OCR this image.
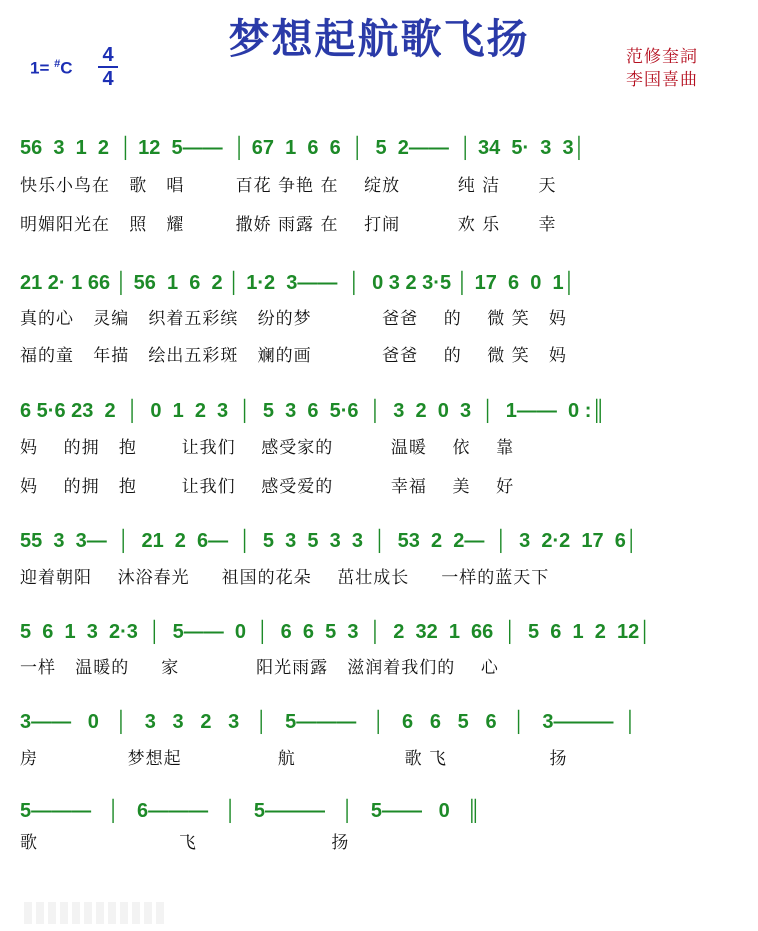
梦想起航歌飞扬
1= #C
4
4
范修奎詞
李国喜曲
56  3  1  2  │ 12  5——  │ 67  1  6  6  │  5  2——  │ 34  5·  3  3│
快乐小鸟在   歌   唱        百花 争艳 在    绽放         纯 洁      天
明媚阳光在   照   耀        撒娇 雨露 在    打闹         欢 乐      幸
21 2· 1 66 │ 56  1  6  2 │ 1·2  3——  │  0 3 2 3·5 │ 17  6  0  1│
真的心   灵编   织着五彩缤   纷的梦           爸爸    的    微 笑   妈
福的童   年描   绘出五彩斑   斓的画           爸爸    的    微 笑   妈
6 5·6 23  2  │  0  1  2  3  │  5  3  6  5·6  │  3  2  0  3  │  1——  0 :║
妈    的拥   抱       让我们    感受家的         温暖    依    靠
妈    的拥   抱       让我们    感受爱的         幸福    美    好
55  3  3—  │  21  2  6—  │  5  3  5  3  3  │  53  2  2—  │  3  2·2  17  6│
迎着朝阳    沐浴春光     祖国的花朵    茁壮成长     一样的蓝天下
5  6  1  3  2·3  │  5——  0  │  6  6  5  3  │  2  32  1  66  │  5  6  1  2  12│
一样   温暖的     家            阳光雨露   滋润着我们的    心
3——   0   │   3   3   2   3   │   5———   │   6   6   5   6   │   3———  │
房              梦想起               航                 歌 飞                扬
5———   │   6———   │   5———   │   5——   0   ║
歌                      飞                     扬
